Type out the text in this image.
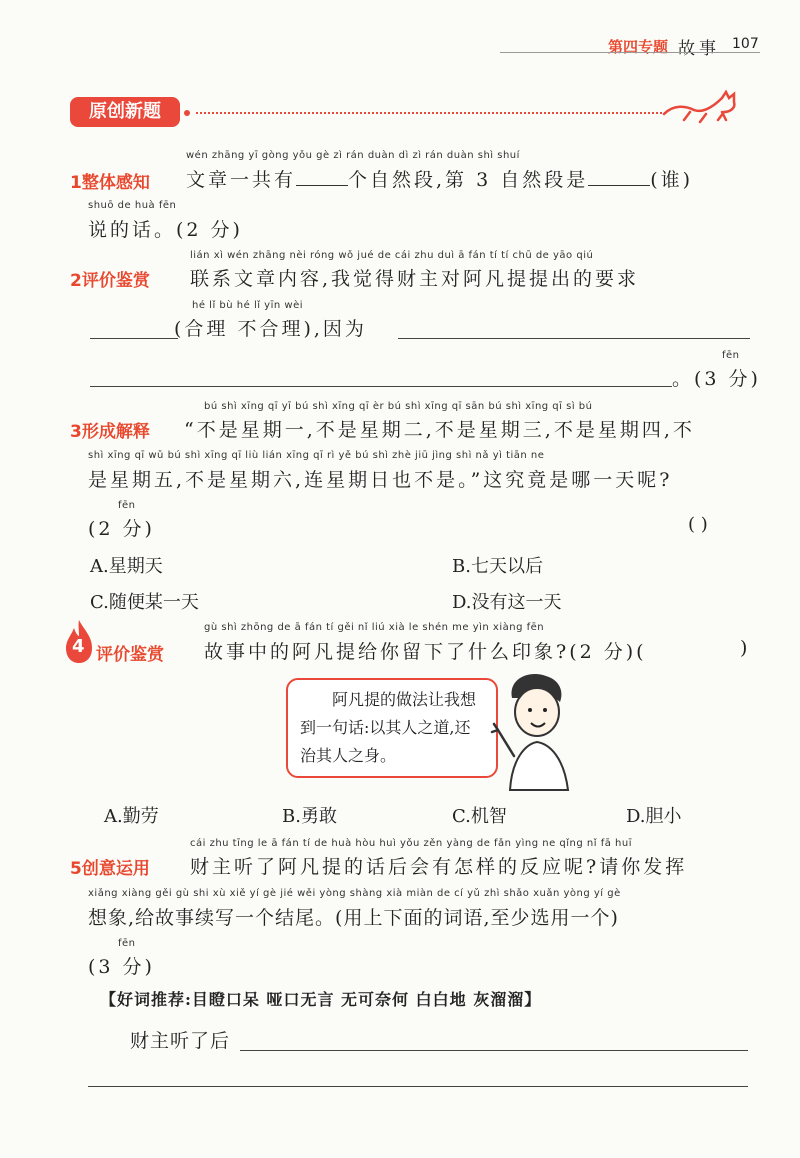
第四专题 故事 107
原创新题
wén zhāng yī gòng yǒu gè zì rán duàn dì zì rán duàn shì shuí
1整体感知 文章一共有	个自然段,第 3 自然段是	(谁)
shuō de huà fēn
说的话。(2 分)
lián xì wén zhāng nèi róng wǒ jué de cái zhu duì ā fán tí tí chū de yāo qiú
2评价鉴赏 联系文章内容,我觉得财主对阿凡提提出的要求
hé lǐ bù hé lǐ yīn wèi
(合理 不合理),因为
fēn
。(3 分)
bú shì xīng qī yī bú shì xīng qī èr bú shì xīng qī sān bú shì xīng qī sì bú
3形成解释 “不是星期一,不是星期二,不是星期三,不是星期四,不
shì xīng qī wǔ bú shì xīng qī liù lián xīng qī rì yě bú shì zhè jiū jìng shì nǎ yì tiān ne
是星期五,不是星期六,连星期日也不是。”这究竟是哪一天呢?
fēn
(2 分)	( )
A.星期天	B.七天以后
C.随便某一天	D.没有这一天
4 评价鉴赏
gù shì zhōng de ā fán tí gěi nǐ liú xià le shén me yìn xiàng fēn
故事中的阿凡提给你留下了什么印象?(2 分)(	)
阿凡提的做法让我想到一句话:以其人之道,还治其人之身。
A.勤劳	B.勇敢	C.机智	D.胆小
cái zhu tīng le ā fán tí de huà hòu huì yǒu zěn yàng de fǎn yìng ne qǐng nǐ fā huī
5创意运用 财主听了阿凡提的话后会有怎样的反应呢?请你发挥
xiǎng xiàng gěi gù shi xù xiě yí gè jié wěi yòng shàng xià miàn de cí yǔ zhì shǎo xuǎn yòng yí gè
想象,给故事续写一个结尾。(用上下面的词语,至少选用一个)
fēn
(3 分)
【好词推荐:目瞪口呆 哑口无言 无可奈何 白白地 灰溜溜】
财主听了后
